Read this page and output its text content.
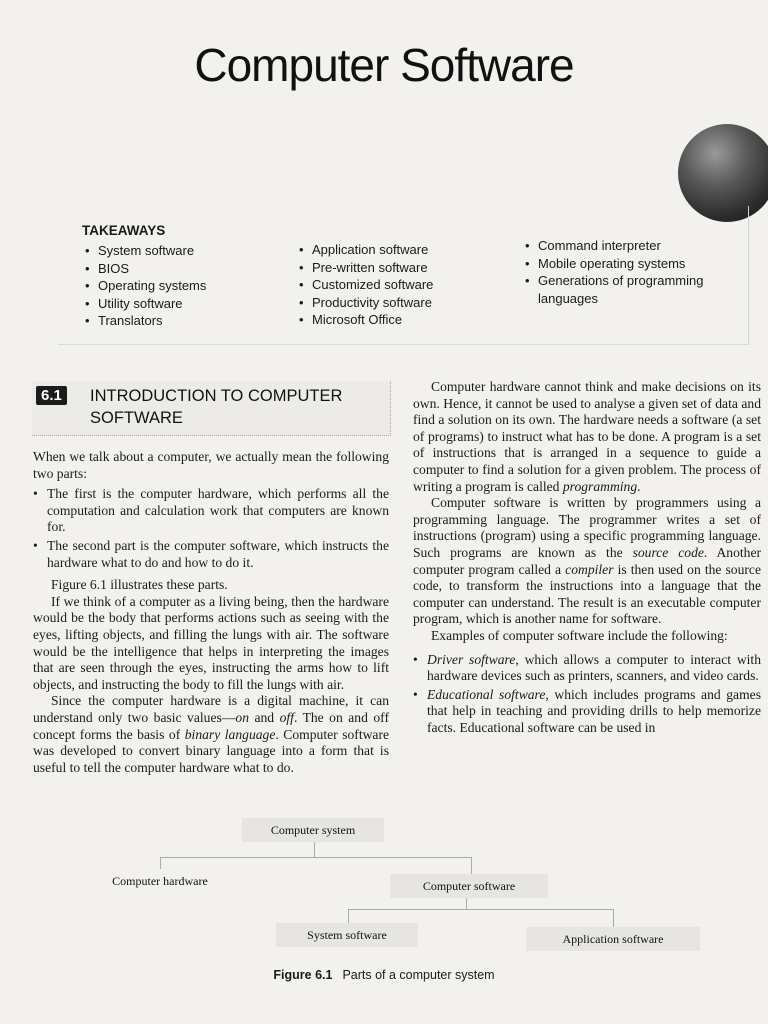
Computer Software
TAKEAWAYS
• System software
• BIOS
• Operating systems
• Utility software
• Translators
• Application software
• Pre-written software
• Customized software
• Productivity software
• Microsoft Office
• Command interpreter
• Mobile operating systems
• Generations of programming languages
6.1	INTRODUCTION TO COMPUTER SOFTWARE

When we talk about a computer, we actually mean the following two parts:

• The first is the computer hardware, which performs all the computation and calculation work that computers are known for.

• The second part is the computer software, which instructs the hardware what to do and how to do it.

Figure 6.1 illustrates these parts.

If we think of a computer as a living being, then the hardware would be the body that performs actions such as seeing with the eyes, lifting objects, and filling the lungs with air. The software would be the intelligence that helps in interpreting the images that are seen through the eyes, instructing the arms how to lift objects, and instructing the body to fill the lungs with air.

Since the computer hardware is a digital machine, it can understand only two basic values—on and off. The on and off concept forms the basis of binary language. Computer software was developed to convert binary language into a form that is useful to tell the computer hardware what to do.

Computer hardware cannot think and make decisions on its own. Hence, it cannot be used to analyse a given set of data and find a solution on its own. The hardware needs a software (a set of programs) to instruct what has to be done. A program is a set of instructions that is arranged in a sequence to guide a computer to find a solution for a given problem. The process of writing a program is called programming.

Computer software is written by programmers using a programming language. The programmer writes a set of instructions (program) using a specific programming language. Such programs are known as the source code. Another computer program called a compiler is then used on the source code, to transform the instructions into a language that the computer can understand. The result is an executable computer program, which is another name for software.

Examples of computer software include the following:

• Driver software, which allows a computer to interact with hardware devices such as printers, scanners, and video cards.

• Educational software, which includes programs and games that help in teaching and providing drills to help memorize facts. Educational software can be used in

Computer system
Computer hardware	Computer software
System software	Application software
Figure 6.1 Parts of a computer system
